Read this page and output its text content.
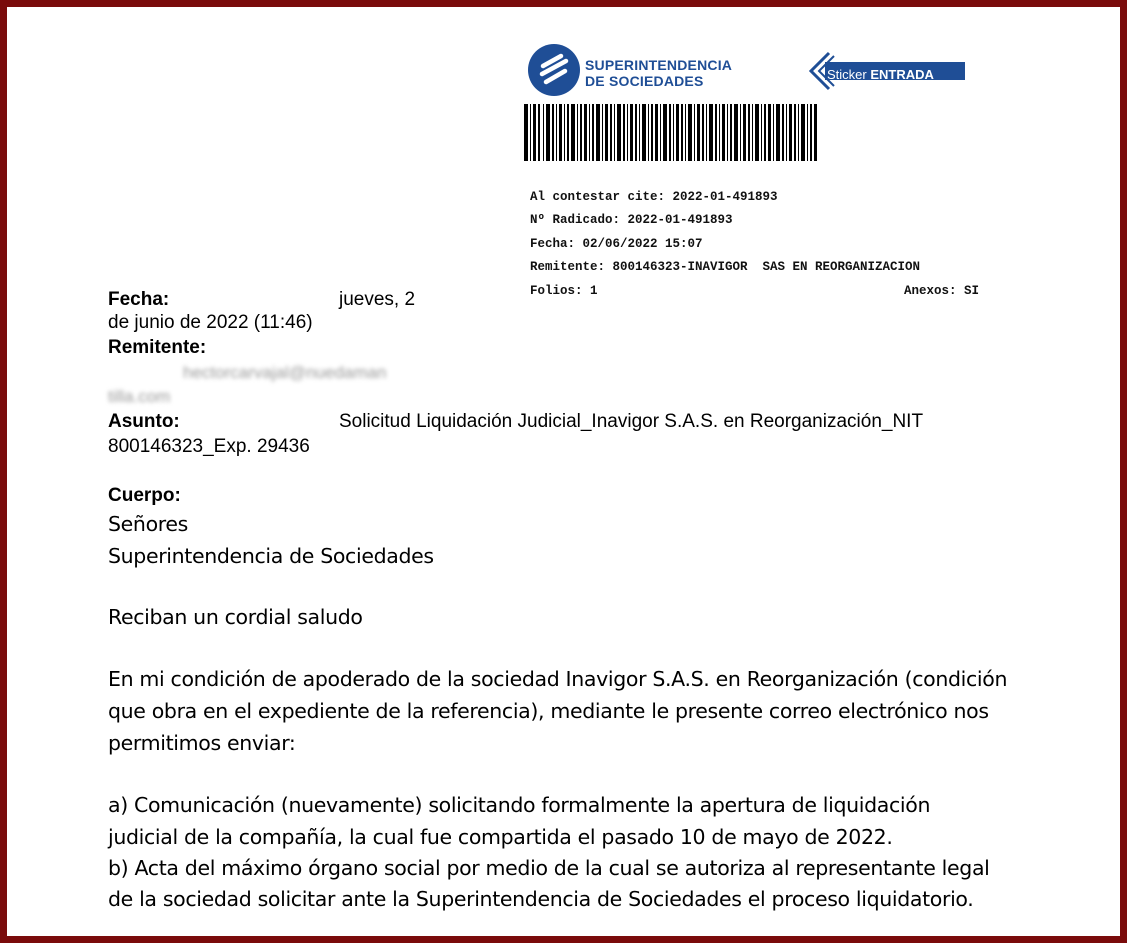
SUPERINTENDENCIA
DE SOCIEDADES	Sticker ENTRADA
Al contestar cite: 2022-01-491893
Nº Radicado: 2022-01-491893
Fecha: 02/06/2022 15:07
Remitente: 800146323-INAVIGOR  SAS EN REORGANIZACION
Folios: 1	Anexos: SI
Fecha:	jueves, 2
de junio de 2022 (11:46)
Remitente:
hectorcarvajal@nuedaman
tilla.com
Asunto:	Solicitud Liquidación Judicial_Inavigor S.A.S. en Reorganización_NIT
800146323_Exp. 29436
Cuerpo:
Señores
Superintendencia de Sociedades
Reciban un cordial saludo
En mi condición de apoderado de la sociedad Inavigor S.A.S. en Reorganización (condición
que obra en el expediente de la referencia), mediante le presente correo electrónico nos
permitimos enviar:
a) Comunicación (nuevamente) solicitando formalmente la apertura de liquidación
judicial de la compañía, la cual fue compartida el pasado 10 de mayo de 2022.
b) Acta del máximo órgano social por medio de la cual se autoriza al representante legal
de la sociedad solicitar ante la Superintendencia de Sociedades el proceso liquidatorio.
